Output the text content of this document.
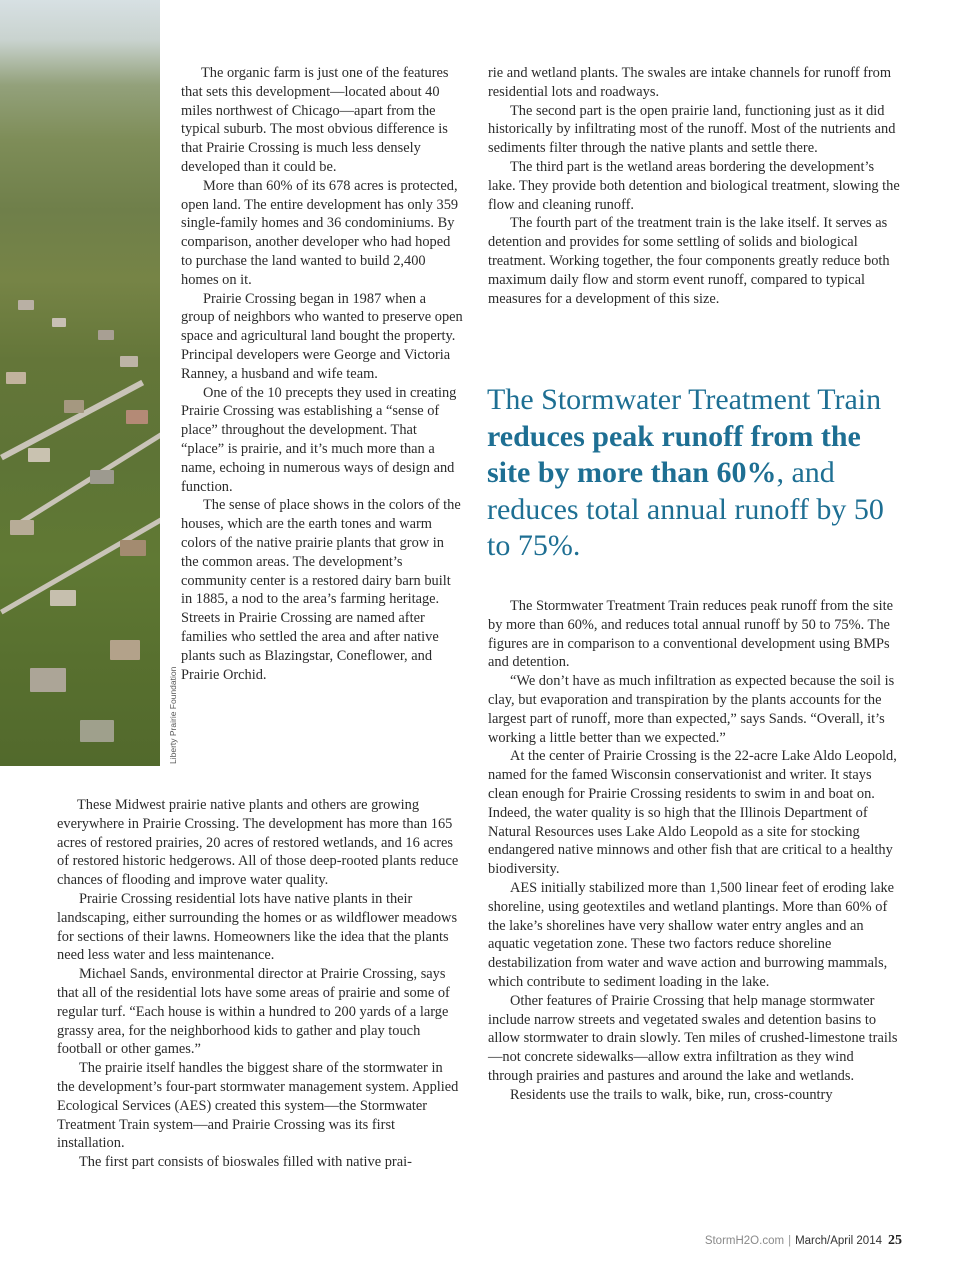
Liberty Prairie Foundation

The organic farm is just one of the features that sets this development—located about 40 miles northwest of Chicago—apart from the typical suburb. The most obvious difference is that Prairie Crossing is much less densely developed than it could be.

More than 60% of its 678 acres is protected, open land. The entire development has only 359 single-family homes and 36 condominiums. By comparison, another developer who had hoped to purchase the land wanted to build 2,400 homes on it.

Prairie Crossing began in 1987 when a group of neighbors who wanted to preserve open space and agricultural land bought the property. Principal developers were George and Victoria Ranney, a husband and wife team.

One of the 10 precepts they used in creating Prairie Crossing was establishing a “sense of place” throughout the development. That “place” is prairie, and it’s much more than a name, echoing in numerous ways of design and function.

The sense of place shows in the colors of the houses, which are the earth tones and warm colors of the native prairie plants that grow in the common areas. The development’s community center is a restored dairy barn built in 1885, a nod to the area’s farming heritage. Streets in Prairie Crossing are named after families who settled the area and after native plants such as Blazingstar, Coneflower, and Prairie Orchid.

These Midwest prairie native plants and others are growing everywhere in Prairie Crossing. The development has more than 165 acres of restored prairies, 20 acres of restored wetlands, and 16 acres of restored historic hedgerows. All of those deep-rooted plants reduce chances of flooding and improve water quality.

Prairie Crossing residential lots have native plants in their landscaping, either surrounding the homes or as wildflower meadows for sections of their lawns. Homeowners like the idea that the plants need less water and less maintenance.

Michael Sands, environmental director at Prairie Crossing, says that all of the residential lots have some areas of prairie and some of regular turf. “Each house is within a hundred to 200 yards of a large grassy area, for the neighborhood kids to gather and play touch football or other games.”

The prairie itself handles the biggest share of the stormwater in the development’s four-part stormwater management system. Applied Ecological Services (AES) created this system—the Stormwater Treatment Train system—and Prairie Crossing was its first installation.

The first part consists of bioswales filled with native prai-

rie and wetland plants. The swales are intake channels for runoff from residential lots and roadways.

The second part is the open prairie land, functioning just as it did historically by infiltrating most of the runoff. Most of the nutrients and sediments filter through the native plants and settle there.

The third part is the wetland areas bordering the development’s lake. They provide both detention and biological treatment, slowing the flow and cleaning runoff.

The fourth part of the treatment train is the lake itself. It serves as detention and provides for some settling of solids and biological treatment. Working together, the four components greatly reduce both maximum daily flow and storm event runoff, compared to typical measures for a development of this size.

The Stormwater Treatment Train reduces peak runoff from the site by more than 60%, and reduces total annual runoff by 50 to 75%.

The Stormwater Treatment Train reduces peak runoff from the site by more than 60%, and reduces total annual runoff by 50 to 75%. The figures are in comparison to a conventional development using BMPs and detention.

“We don’t have as much infiltration as expected because the soil is clay, but evaporation and transpiration by the plants accounts for the largest part of runoff, more than expected,” says Sands. “Overall, it’s working a little better than we expected.”

At the center of Prairie Crossing is the 22-acre Lake Aldo Leopold, named for the famed Wisconsin conservationist and writer. It stays clean enough for Prairie Crossing residents to swim in and boat on. Indeed, the water quality is so high that the Illinois Department of Natural Resources uses Lake Aldo Leopold as a site for stocking endangered native minnows and other fish that are critical to a healthy biodiversity.

AES initially stabilized more than 1,500 linear feet of eroding lake shoreline, using geotextiles and wetland plantings. More than 60% of the lake’s shorelines have very shallow water entry angles and an aquatic vegetation zone. These two factors reduce shoreline destabilization from water and wave action and burrowing mammals, which contribute to sediment loading in the lake.

Other features of Prairie Crossing that help manage stormwater include narrow streets and vegetated swales and detention basins to allow stormwater to drain slowly. Ten miles of crushed-limestone trails—not concrete sidewalks—allow extra infiltration as they wind through prairies and pastures and around the lake and wetlands.

Residents use the trails to walk, bike, run, cross-country

StormH2O.com | March/April 2014 25
